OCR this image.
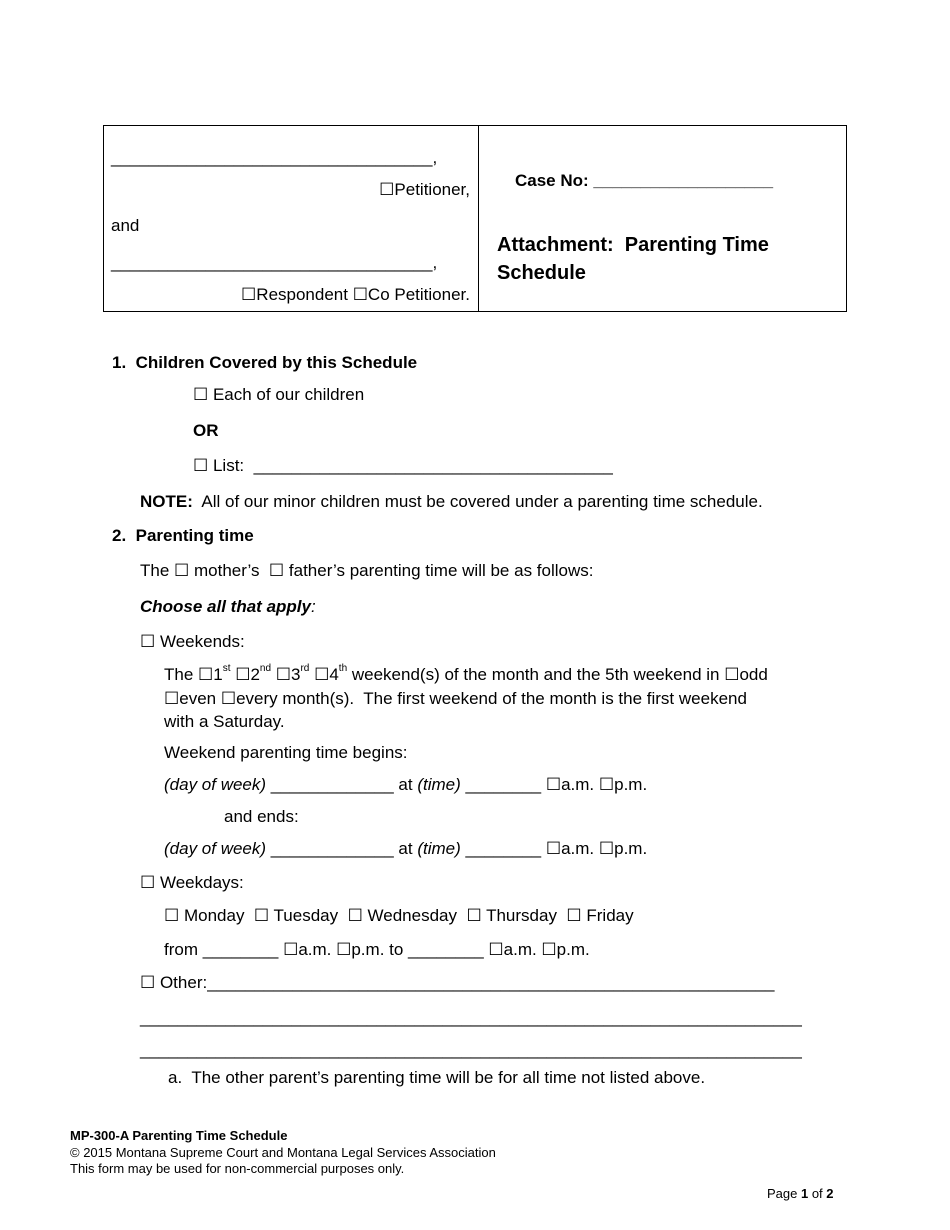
__________________________________,
☐Petitioner,
and
__________________________________,
☐Respondent ☐Co Petitioner.
Case No: ___________________
Attachment:  Parenting Time
Schedule
1.  Children Covered by this Schedule
☐ Each of our children
OR
☐ List:  ______________________________________
NOTE:  All of our minor children must be covered under a parenting time schedule.
2.  Parenting time
The ☐ mother’s  ☐ father’s parenting time will be as follows:
Choose all that apply:
☐ Weekends:
The ☐1st ☐2nd ☐3rd ☐4th weekend(s) of the month and the 5th weekend in ☐odd
☐even ☐every month(s).  The first weekend of the month is the first weekend
with a Saturday.
Weekend parenting time begins:
(day of week) _____________ at (time) ________ ☐a.m. ☐p.m.
and ends:
(day of week) _____________ at (time) ________ ☐a.m. ☐p.m.
☐ Weekdays:
☐ Monday  ☐ Tuesday  ☐ Wednesday  ☐ Thursday  ☐ Friday
from ________ ☐a.m. ☐p.m. to ________ ☐a.m. ☐p.m.
☐ Other:____________________________________________________________
______________________________________________________________________
______________________________________________________________________
a.  The other parent’s parenting time will be for all time not listed above.
MP-300-A Parenting Time Schedule
© 2015 Montana Supreme Court and Montana Legal Services Association
This form may be used for non-commercial purposes only.
Page 1 of 2
